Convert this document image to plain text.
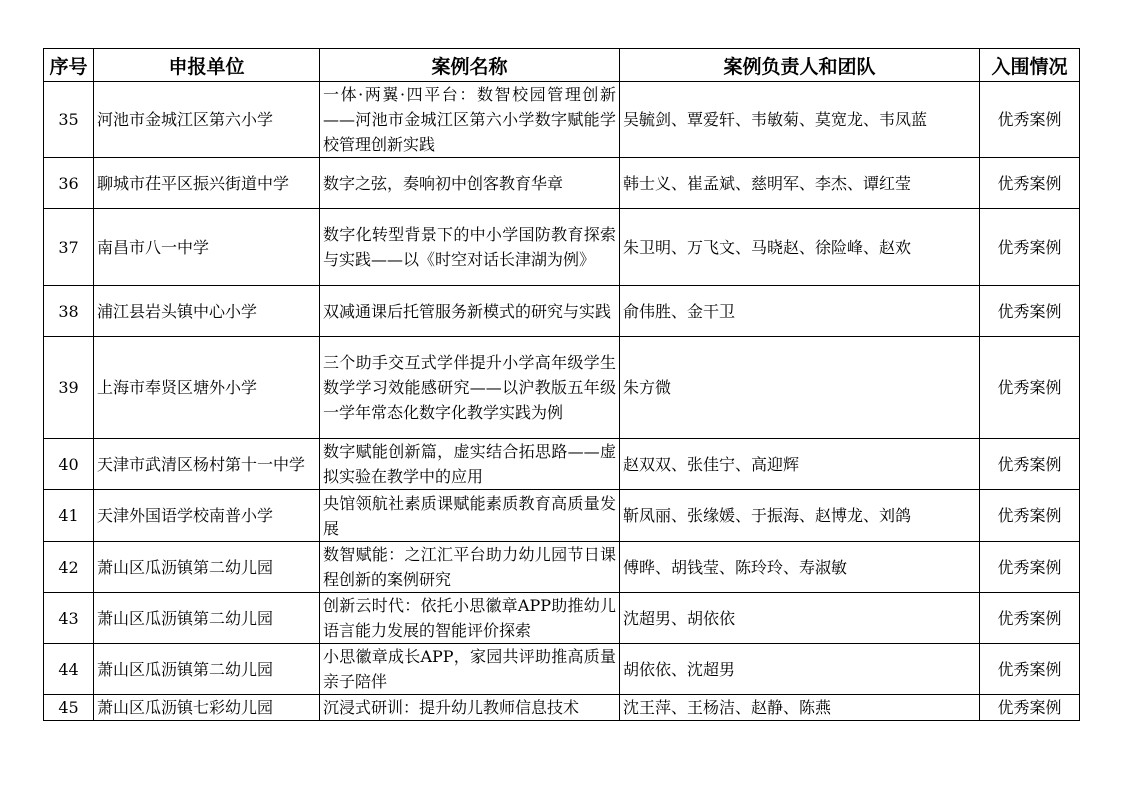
序号	申报单位	案例名称	案例负责人和团队	入围情况
35	河池市金城江区第六小学	一体·两翼·四平台：数智校园管理创新——河池市金城江区第六小学数字赋能学校管理创新实践	吴毓剑、覃爱轩、韦敏菊、莫宽龙、韦凤蓝	优秀案例
36	聊城市茌平区振兴街道中学	数字之弦，奏响初中创客教育华章	韩士义、崔孟斌、慈明军、李杰、谭红莹	优秀案例
37	南昌市八一中学	数字化转型背景下的中小学国防教育探索与实践——以《时空对话长津湖为例》	朱卫明、万飞文、马晓赵、徐险峰、赵欢	优秀案例
38	浦江县岩头镇中心小学	双减通课后托管服务新模式的研究与实践	俞伟胜、金干卫	优秀案例
39	上海市奉贤区塘外小学	三个助手交互式学伴提升小学高年级学生数学学习效能感研究——以沪教版五年级一学年常态化数字化教学实践为例	朱方微	优秀案例
40	天津市武清区杨村第十一中学	数字赋能创新篇，虚实结合拓思路——虚拟实验在教学中的应用	赵双双、张佳宁、高迎辉	优秀案例
41	天津外国语学校南普小学	央馆领航社素质课赋能素质教育高质量发展	靳凤丽、张缘媛、于振海、赵博龙、刘鸽	优秀案例
42	萧山区瓜沥镇第二幼儿园	数智赋能：之江汇平台助力幼儿园节日课程创新的案例研究	傅晔、胡钱莹、陈玲玲、寿淑敏	优秀案例
43	萧山区瓜沥镇第二幼儿园	创新云时代：依托小思徽章APP助推幼儿语言能力发展的智能评价探索	沈超男、胡依依	优秀案例
44	萧山区瓜沥镇第二幼儿园	小思徽章成长APP，家园共评助推高质量亲子陪伴	胡依依、沈超男	优秀案例
45	萧山区瓜沥镇七彩幼儿园	沉浸式研训：提升幼儿教师信息技术	沈王萍、王杨洁、赵静、陈燕	优秀案例
